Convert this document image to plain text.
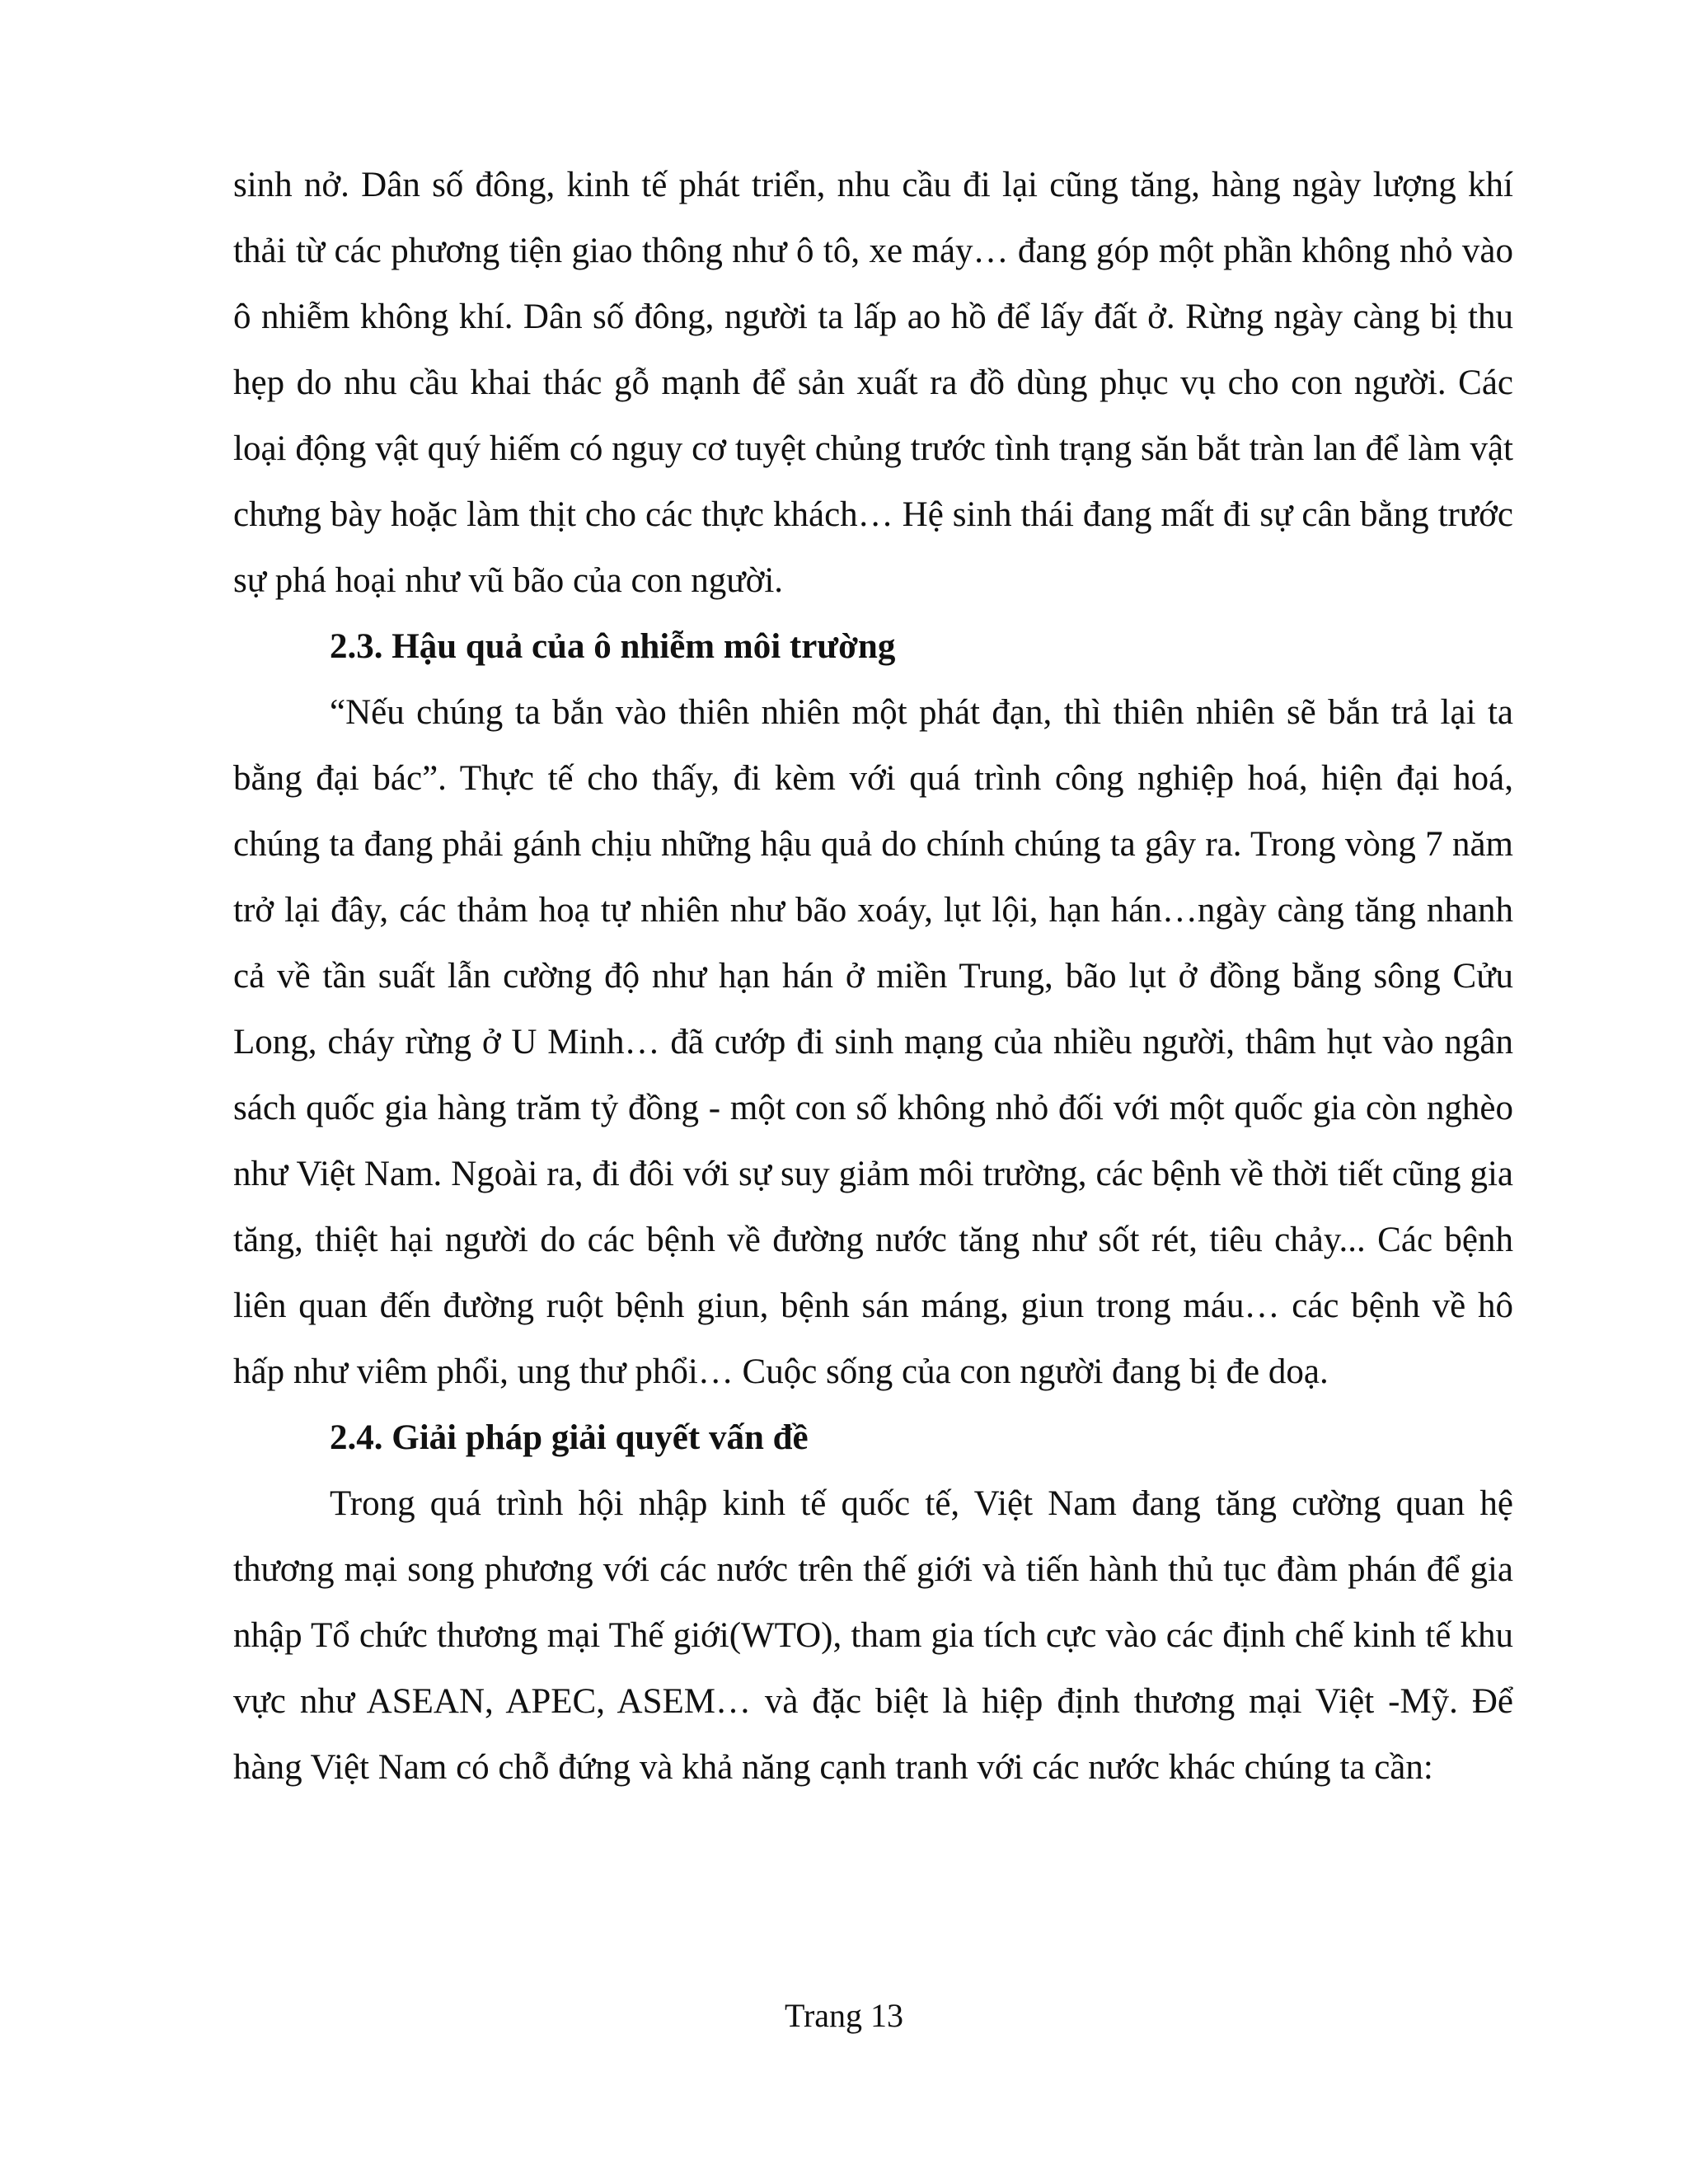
sinh nở. Dân số đông, kinh tế phát triển, nhu cầu đi lại cũng tăng, hàng ngày lượng khí thải từ các phương tiện giao thông như ô tô, xe máy… đang góp một phần không nhỏ vào ô nhiễm không khí. Dân số đông, người ta lấp ao hồ để lấy đất ở. Rừng ngày càng bị thu hẹp do nhu cầu khai thác gỗ mạnh để sản xuất ra đồ dùng phục vụ cho con người. Các loại động vật quý hiếm có nguy cơ tuyệt chủng trước tình trạng săn bắt tràn lan để làm vật chưng bày hoặc làm thịt cho các thực khách… Hệ sinh thái đang mất đi sự cân bằng trước sự phá hoại như vũ bão của con người.

2.3. Hậu quả của ô nhiễm môi trường

“Nếu chúng ta bắn vào thiên nhiên một phát đạn, thì thiên nhiên sẽ bắn trả lại ta bằng đại bác”. Thực tế cho thấy, đi kèm với quá trình công nghiệp hoá, hiện đại hoá, chúng ta đang phải gánh chịu những hậu quả do chính chúng ta gây ra. Trong vòng 7 năm trở lại đây, các thảm hoạ tự nhiên như bão xoáy, lụt lội, hạn hán…ngày càng tăng nhanh cả về tần suất lẫn cường độ như hạn hán ở miền Trung, bão lụt ở đồng bằng sông Cửu Long, cháy rừng ở U Minh… đã cướp đi sinh mạng của nhiều người, thâm hụt vào ngân sách quốc gia hàng trăm tỷ đồng - một con số không nhỏ đối với một quốc gia còn nghèo như Việt Nam. Ngoài ra, đi đôi với sự suy giảm môi trường, các bệnh về thời tiết cũng gia tăng, thiệt hại người do các bệnh về đường nước tăng như sốt rét, tiêu chảy... Các bệnh liên quan đến đường ruột bệnh giun, bệnh sán máng, giun trong máu… các bệnh về hô hấp như viêm phổi, ung thư phổi… Cuộc sống của con người đang bị đe doạ.

2.4. Giải pháp giải quyết vấn đề

Trong quá trình hội nhập kinh tế quốc tế, Việt Nam đang tăng cường quan hệ thương mại song phương với các nước trên thế giới và tiến hành thủ tục đàm phán để gia nhập Tổ chức thương mại Thế giới(WTO), tham gia tích cực vào các định chế kinh tế khu vực như ASEAN, APEC, ASEM… và đặc biệt là hiệp định thương mại Việt -Mỹ. Để hàng Việt Nam có chỗ đứng và khả năng cạnh tranh với các nước khác chúng ta cần:

Trang 13
